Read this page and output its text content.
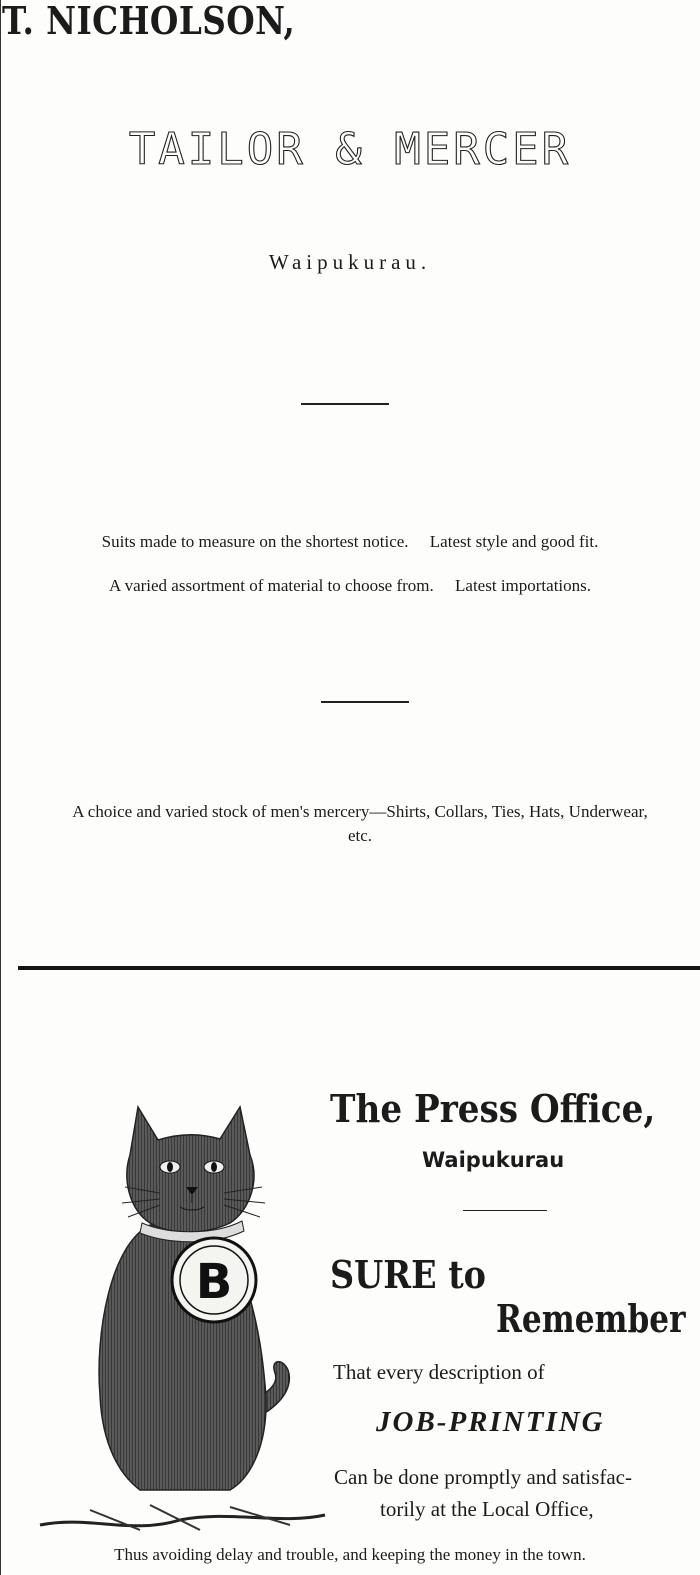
T. NICHOLSON,
TAILOR & MERCER
Waipukurau.
Suits made to measure on the shortest notice.     Latest style and good fit.
A varied assortment of material to choose from.     Latest importations.
A choice and varied stock of men's mercery—Shirts, Collars, Ties, Hats, Underwear, etc.
B
The Press Office,
Waipukurau
SURE to
Remember
That every description of
JOB-PRINTING
Can be done promptly and satisfac-
torily at the Local Office,
Thus avoiding delay and trouble, and keeping the money in the town.
